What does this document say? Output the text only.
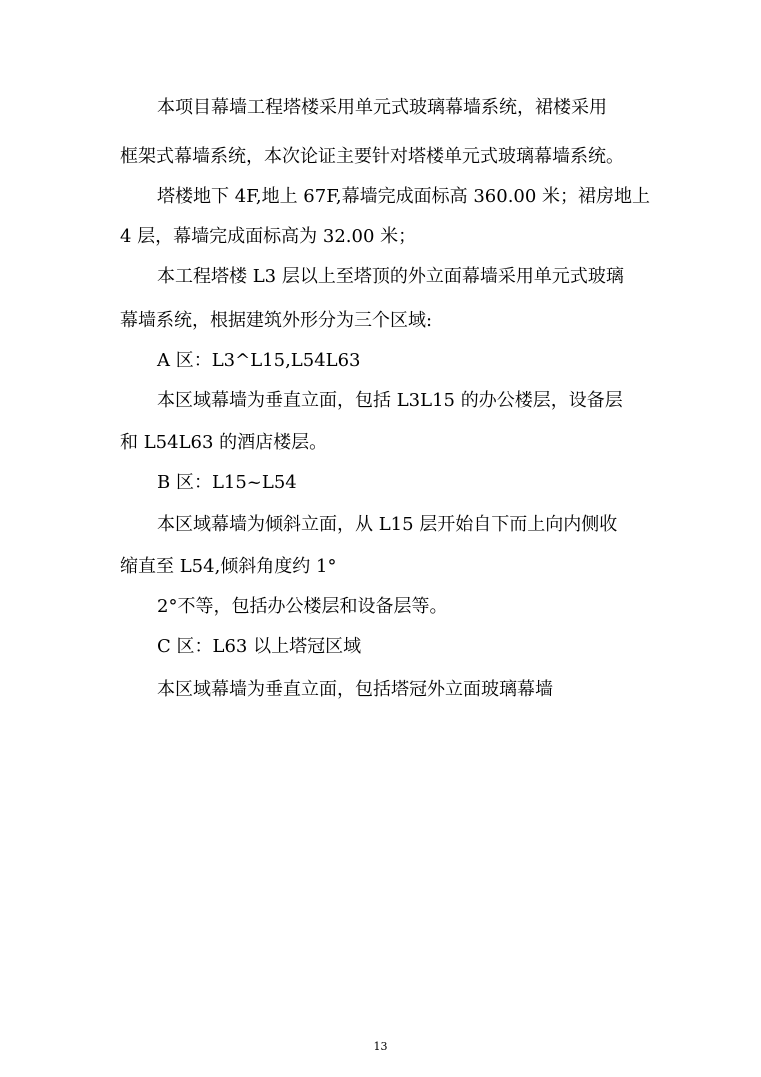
本项目幕墙工程塔楼采用单元式玻璃幕墙系统，裙楼采用
框架式幕墙系统，本次论证主要针对塔楼单元式玻璃幕墙系统。
塔楼地下 4F,地上 67F,幕墙完成面标高 360.00 米；裙房地上
4 层，幕墙完成面标高为 32.00 米；
本工程塔楼 L3 层以上至塔顶的外立面幕墙采用单元式玻璃
幕墙系统，根据建筑外形分为三个区域:
A 区：L3^L15,L54L63
本区域幕墙为垂直立面，包括 L3L15 的办公楼层，设备层
和 L54L63 的酒店楼层。
B 区：L15~L54
本区域幕墙为倾斜立面，从 L15 层开始自下而上向内侧收
缩直至 L54,倾斜角度约 1°
2°不等，包括办公楼层和设备层等。
C 区：L63 以上塔冠区域
本区域幕墙为垂直立面，包括塔冠外立面玻璃幕墙
13
